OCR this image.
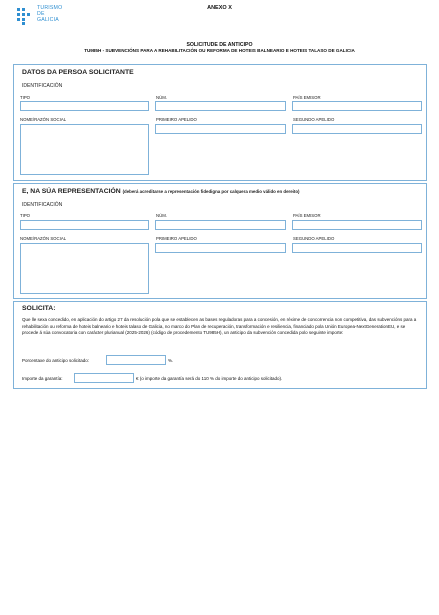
TURISMO
DE
GALICIA
ANEXO X
SOLICITUDE DE ANTICIPO
TU985H - SUBVENCIÓNS PARA A REHABILITACIÓN OU REFORMA DE HOTEIS BALNEARIO E HOTEIS TALASO DE GALICIA
DATOS DA PERSOA SOLICITANTE
IDENTIFICACIÓN
TIPO	NÚM.	PAÍS EMISOR
NOME/RAZÓN SOCIAL	PRIMEIRO APELIDO	SEGUNDO APELIDO
E, NA SÚA REPRESENTACIÓN (deberá acreditarse a representación fidedigna por calquera medio válido en dereito)
IDENTIFICACIÓN
TIPO	NÚM.	PAÍS EMISOR
NOME/RAZÓN SOCIAL	PRIMEIRO APELIDO	SEGUNDO APELIDO
SOLICITA:
Que lle sexa concedido, en aplicación do artigo 27 da resolución pola que se establecen as bases reguladoras para a concesión, en réxime de concorrencia non competitiva, das subvencións para a rehabilitación ou reforma de hoteis balneario e hoteis talaso de Galicia, no marco do Plan de recuperación, transformación e resiliencia, financiado pola Unión Europea-NextGenerationEU, e se procede á súa convocatoria con carácter plurianual (2025-2026) (código de procedemento TU985H), un anticipo da subvención concedida polo seguinte importe:
Porcentaxe do anticipo solicitado:	%.
Importe da garantía:	€ (o importe da garantía será do 110 % do importe do anticipo solicitado).
